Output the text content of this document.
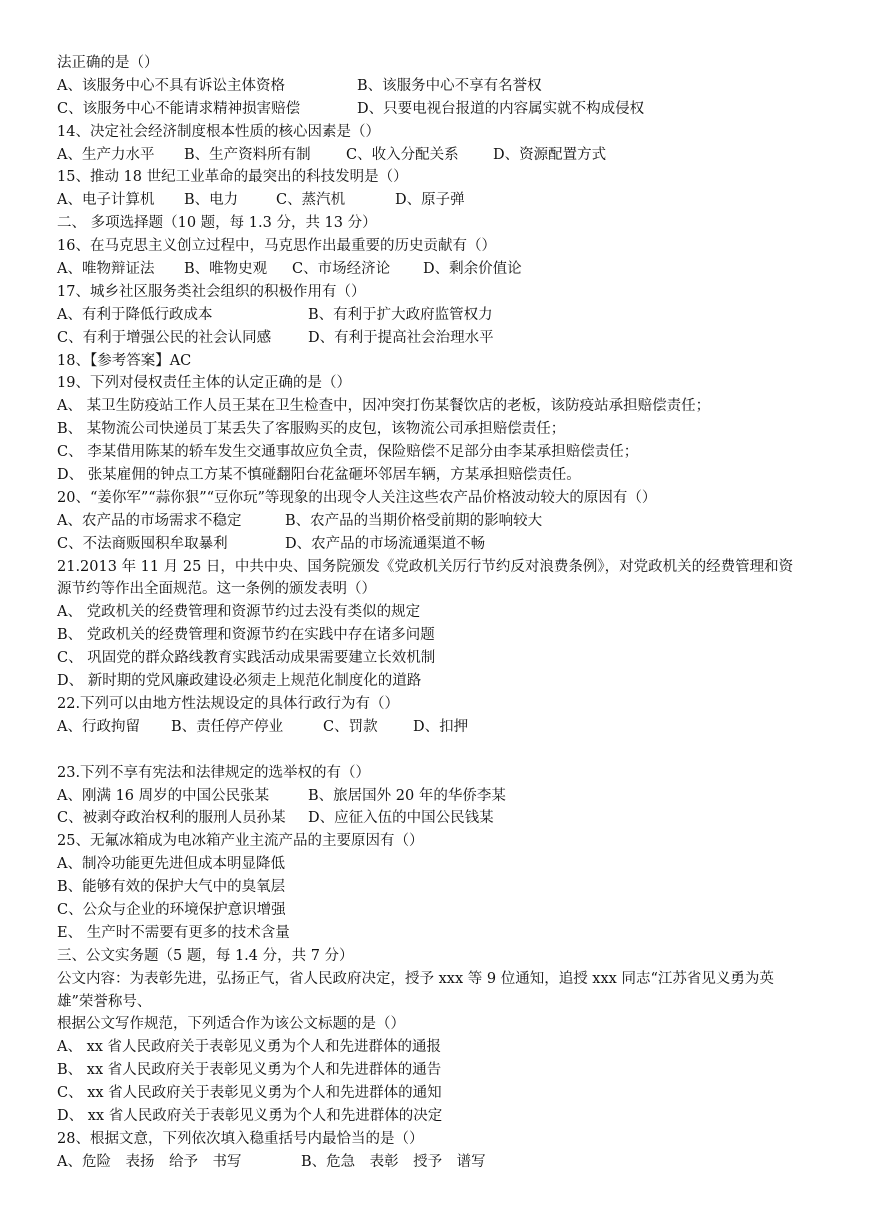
法正确的是（）
A、该服务中心不具有诉讼主体资格	B、该服务中心不享有名誉权
C、该服务中心不能请求精神损害赔偿	D、只要电视台报道的内容属实就不构成侵权
14、决定社会经济制度根本性质的核心因素是（）
A、生产力水平 B、生产资料所有制 C、收入分配关系 D、资源配置方式
15、推动 18 世纪工业革命的最突出的科技发明是（）
A、电子计算机 B、电力	C、蒸汽机	D、原子弹
二、 多项选择题（10 题，每 1.3 分，共 13 分）
16、在马克思主义创立过程中，马克思作出最重要的历史贡献有（）
A、唯物辩证法 B、唯物史观 C、市场经济论 D、剩余价值论
17、城乡社区服务类社会组织的积极作用有（）
A、有利于降低行政成本	B、有利于扩大政府监管权力
C、有利于增强公民的社会认同感	D、有利于提高社会治理水平
18、【参考答案】AC
19、下列对侵权责任主体的认定正确的是（）
A、 某卫生防疫站工作人员王某在卫生检查中，因冲突打伤某餐饮店的老板，该防疫站承担赔偿责任；
B、 某物流公司快递员丁某丢失了客服购买的皮包，该物流公司承担赔偿责任；
C、 李某借用陈某的轿车发生交通事故应负全责，保险赔偿不足部分由李某承担赔偿责任；
D、 张某雇佣的钟点工方某不慎碰翻阳台花盆砸坏邻居车辆，方某承担赔偿责任。
20、“姜你军”“蒜你狠”“豆你玩”等现象的出现令人关注这些农产品价格波动较大的原因有（）
A、农产品的市场需求不稳定	B、农产品的当期价格受前期的影响较大
C、不法商贩囤积牟取暴利	D、农产品的市场流通渠道不畅
21.2013 年 11 月 25 日，中共中央、国务院颁发《党政机关厉行节约反对浪费条例》，对党政机关的经费管理和资
源节约等作出全面规范。这一条例的颁发表明（）
A、 党政机关的经费管理和资源节约过去没有类似的规定
B、 党政机关的经费管理和资源节约在实践中存在诸多问题
C、 巩固党的群众路线教育实践活动成果需要建立长效机制
D、 新时期的党风廉政建设必须走上规范化制度化的道路
22.下列可以由地方性法规设定的具体行政行为有（）
A、行政拘留 B、责任停产停业	C、罚款 D、扣押
23.下列不享有宪法和法律规定的选举权的有（）
A、刚满 16 周岁的中国公民张某	B、旅居国外 20 年的华侨李某
C、被剥夺政治权利的服刑人员孙某 D、应征入伍的中国公民钱某
25、无氟冰箱成为电冰箱产业主流产品的主要原因有（）
A、制冷功能更先进但成本明显降低
B、能够有效的保护大气中的臭氧层
C、公众与企业的环境保护意识增强
E、 生产时不需要有更多的技术含量
三、公文实务题（5 题，每 1.4 分，共 7 分）
公文内容：为表彰先进，弘扬正气，省人民政府决定，授予 xxx 等 9 位通知，追授 xxx 同志“江苏省见义勇为英
雄”荣誉称号、
根据公文写作规范，下列适合作为该公文标题的是（）
A、 xx 省人民政府关于表彰见义勇为个人和先进群体的通报
B、 xx 省人民政府关于表彰见义勇为个人和先进群体的通告
C、 xx 省人民政府关于表彰见义勇为个人和先进群体的通知
D、 xx 省人民政府关于表彰见义勇为个人和先进群体的决定
28、根据文意，下列依次填入稳重括号内最恰当的是（）
A、危险　表扬　给予　书写	B、危急　表彰　授予　谱写
